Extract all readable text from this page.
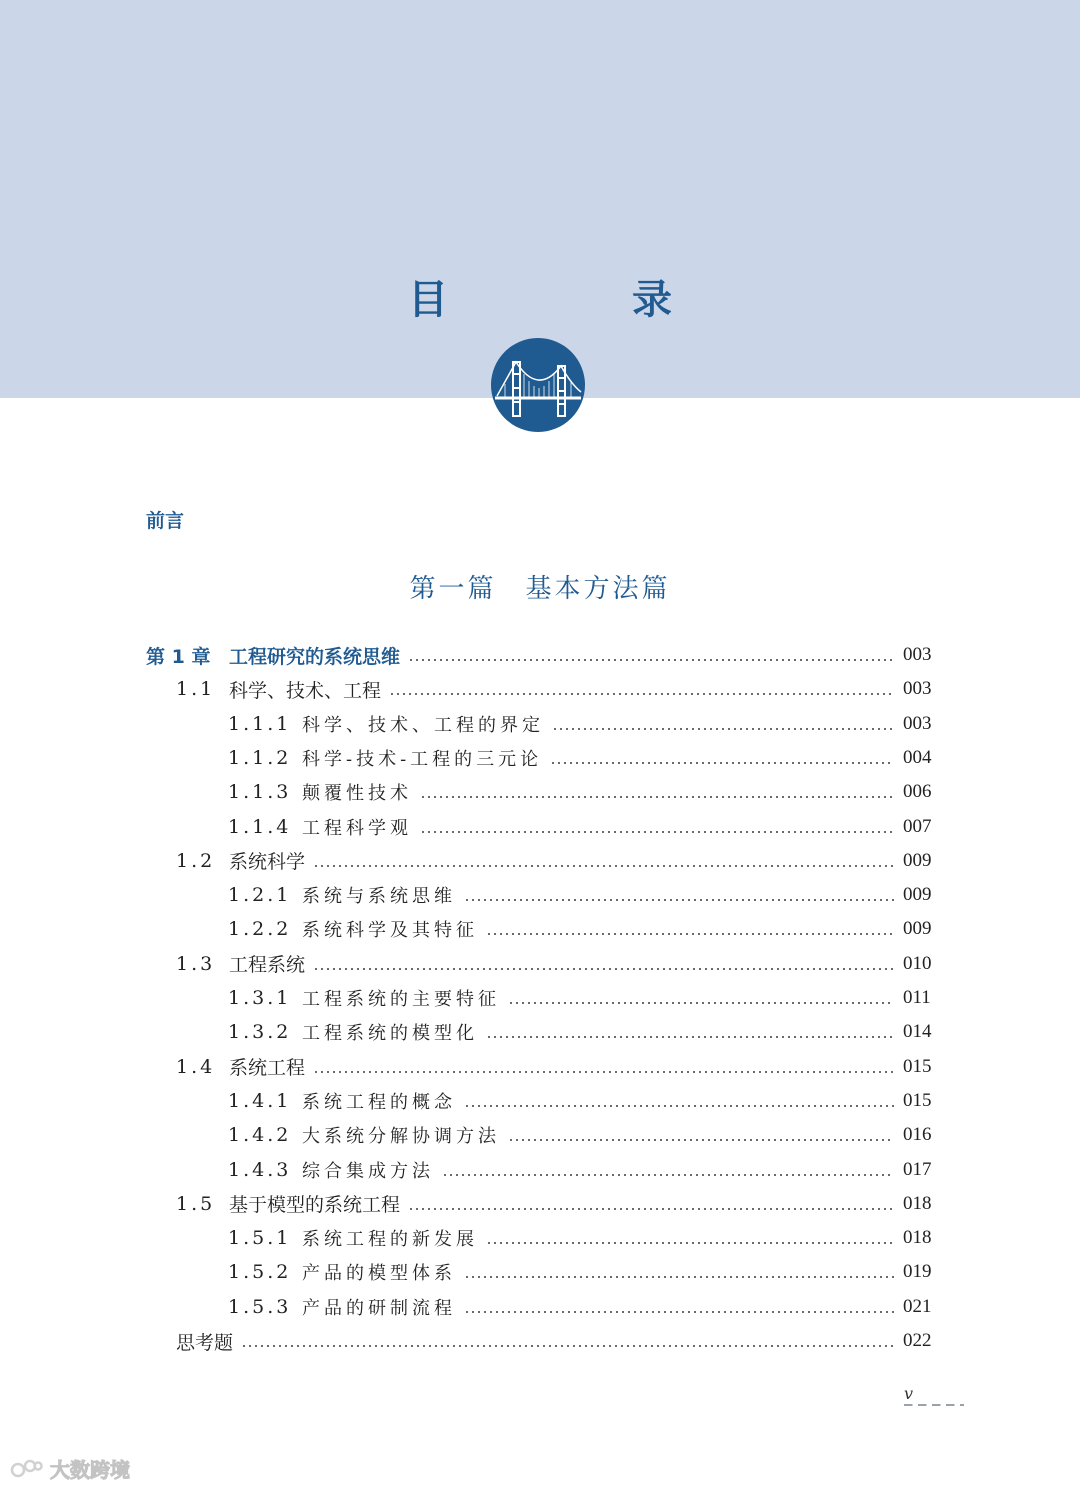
目　录
前言
第一篇　基本方法篇
第 1 章 工程研究的系统思维	003
1.1 科学、技术、工程	003
1.1.1 科学、技术、工程的界定	003
1.1.2 科学-技术-工程的三元论	004
1.1.3 颠覆性技术	006
1.1.4 工程科学观	007
1.2 系统科学	009
1.2.1 系统与系统思维	009
1.2.2 系统科学及其特征	009
1.3 工程系统	010
1.3.1 工程系统的主要特征	011
1.3.2 工程系统的模型化	014
1.4 系统工程	015
1.4.1 系统工程的概念	015
1.4.2 大系统分解协调方法	016
1.4.3 综合集成方法	017
1.5 基于模型的系统工程	018
1.5.1 系统工程的新发展	018
1.5.2 产品的模型体系	019
1.5.3 产品的研制流程	021
思考题	022
v
大数跨境
